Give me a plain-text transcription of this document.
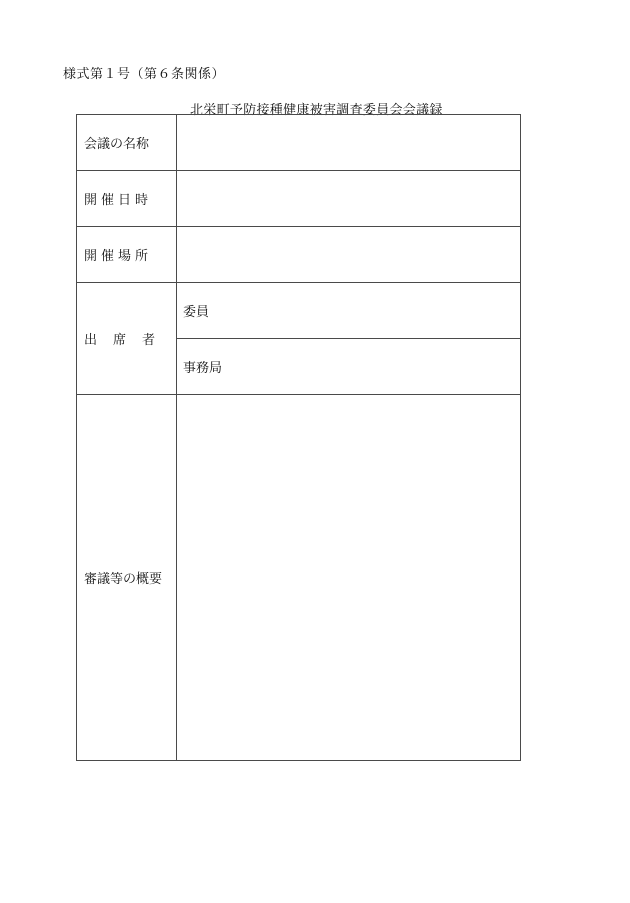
様式第１号（第６条関係）
北栄町予防接種健康被害調査委員会会議録
会議の名称	
開催日時	
開催場所	
出席者	委員
	事務局
審議等の概要	
